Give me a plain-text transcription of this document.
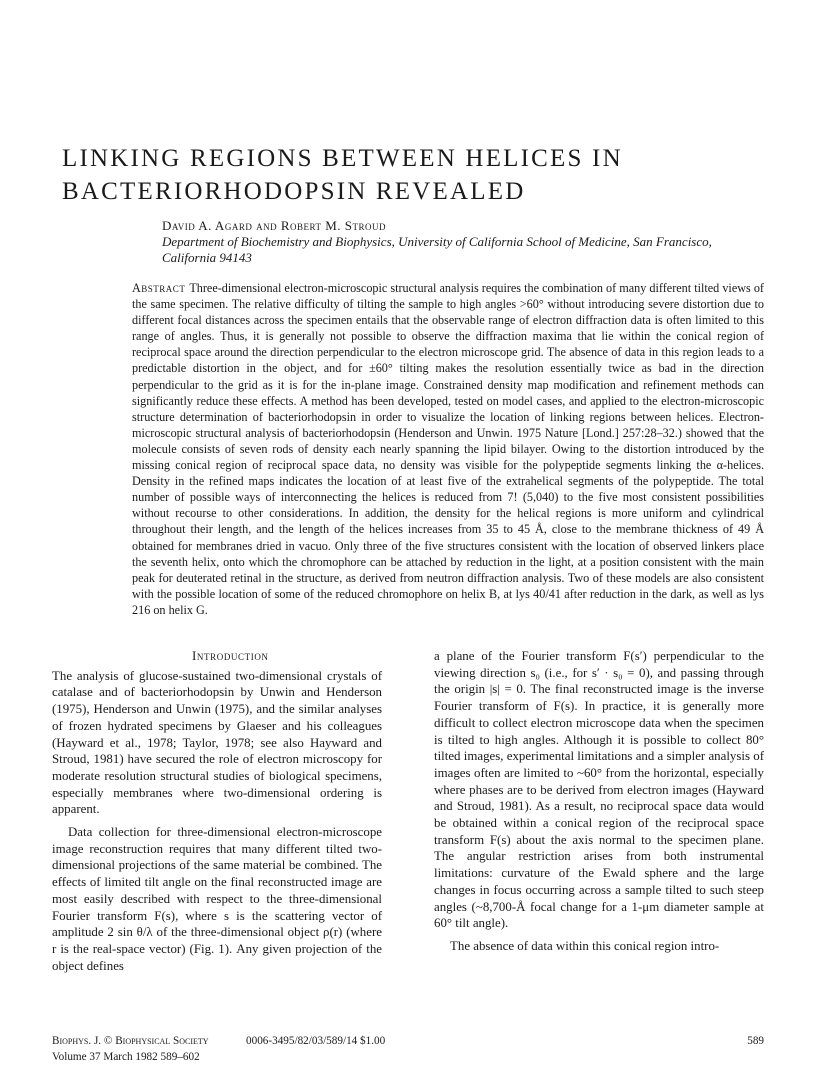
LINKING REGIONS BETWEEN HELICES IN BACTERIORHODOPSIN REVEALED
David A. Agard and Robert M. Stroud
Department of Biochemistry and Biophysics, University of California School of Medicine, San Francisco, California 94143

Abstract Three-dimensional electron-microscopic structural analysis requires the combination of many different tilted views of the same specimen. The relative difficulty of tilting the sample to high angles >60° without introducing severe distortion due to different focal distances across the specimen entails that the observable range of electron diffraction data is often limited to this range of angles. Thus, it is generally not possible to observe the diffraction maxima that lie within the conical region of reciprocal space around the direction perpendicular to the electron microscope grid. The absence of data in this region leads to a predictable distortion in the object, and for ±60° tilting makes the resolution essentially twice as bad in the direction perpendicular to the grid as it is for the in-plane image. Constrained density map modification and refinement methods can significantly reduce these effects. A method has been developed, tested on model cases, and applied to the electron-microscopic structure determination of bacteriorhodopsin in order to visualize the location of linking regions between helices. Electron-microscopic structural analysis of bacteriorhodopsin (Henderson and Unwin. 1975 Nature [Lond.] 257:28–32.) showed that the molecule consists of seven rods of density each nearly spanning the lipid bilayer. Owing to the distortion introduced by the missing conical region of reciprocal space data, no density was visible for the polypeptide segments linking the α-helices. Density in the refined maps indicates the location of at least five of the extrahelical segments of the polypeptide. The total number of possible ways of interconnecting the helices is reduced from 7! (5,040) to the five most consistent possibilities without recourse to other considerations. In addition, the density for the helical regions is more uniform and cylindrical throughout their length, and the length of the helices increases from 35 to 45 Å, close to the membrane thickness of 49 Å obtained for membranes dried in vacuo. Only three of the five structures consistent with the location of observed linkers place the seventh helix, onto which the chromophore can be attached by reduction in the light, at a position consistent with the main peak for deuterated retinal in the structure, as derived from neutron diffraction analysis. Two of these models are also consistent with the possible location of some of the reduced chromophore on helix B, at lys 40/41 after reduction in the dark, as well as lys 216 on helix G.

Introduction

The analysis of glucose-sustained two-dimensional crystals of catalase and of bacteriorhodopsin by Unwin and Henderson (1975), Henderson and Unwin (1975), and the similar analyses of frozen hydrated specimens by Glaeser and his colleagues (Hayward et al., 1978; Taylor, 1978; see also Hayward and Stroud, 1981) have secured the role of electron microscopy for moderate resolution structural studies of biological specimens, especially membranes where two-dimensional ordering is apparent.

Data collection for three-dimensional electron-microscope image reconstruction requires that many different tilted two-dimensional projections of the same material be combined. The effects of limited tilt angle on the final reconstructed image are most easily described with respect to the three-dimensional Fourier transform F(s), where s is the scattering vector of amplitude 2 sin θ/λ of the three-dimensional object ρ(r) (where r is the real-space vector) (Fig. 1). Any given projection of the object defines

a plane of the Fourier transform F(s′) perpendicular to the viewing direction s₀ (i.e., for s′ · s₀ = 0), and passing through the origin |s| = 0. The final reconstructed image is the inverse Fourier transform of F(s). In practice, it is generally more difficult to collect electron microscope data when the specimen is tilted to high angles. Although it is possible to collect 80° tilted images, experimental limitations and a simpler analysis of images often are limited to ~60° from the horizontal, especially where phases are to be derived from electron images (Hayward and Stroud, 1981). As a result, no reciprocal space data would be obtained within a conical region of the reciprocal space transform F(s) about the axis normal to the specimen plane. The angular restriction arises from both instrumental limitations: curvature of the Ewald sphere and the large changes in focus occurring across a sample tilted to such steep angles (~8,700-Å focal change for a 1-μm diameter sample at 60° tilt angle).

The absence of data within this conical region intro-

Biophys. J. © Biophysical Society	0006-3495/82/03/589/14 $1.00	589
Volume 37 March 1982 589–602
